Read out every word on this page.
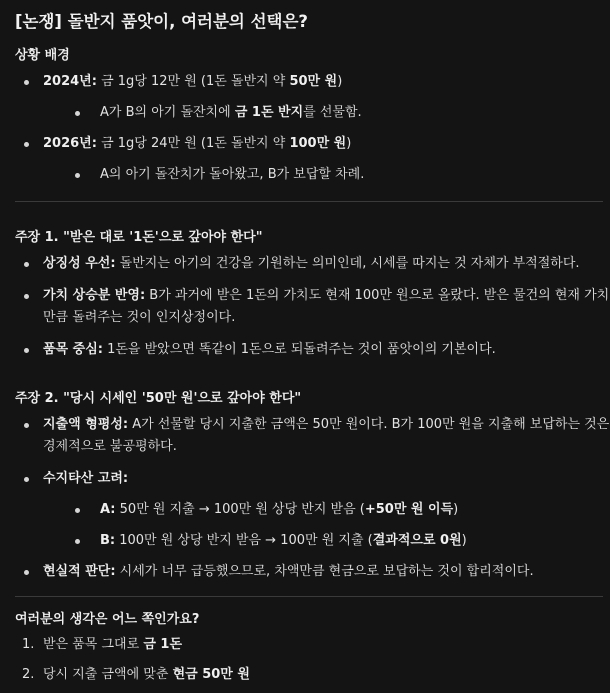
[논쟁] 돌반지 품앗이, 여러분의 선택은?
상황 배경
2024년: 금 1g당 12만 원 (1돈 돌반지 약 50만 원)
A가 B의 아기 돌잔치에 금 1돈 반지를 선물함.
2026년: 금 1g당 24만 원 (1돈 돌반지 약 100만 원)
A의 아기 돌잔치가 돌아왔고, B가 보답할 차례.
주장 1. "받은 대로 '1돈'으로 갚아야 한다"
상징성 우선: 돌반지는 아기의 건강을 기원하는 의미인데, 시세를 따지는 것 자체가 부적절하다.
가치 상승분 반영: B가 과거에 받은 1돈의 가치도 현재 100만 원으로 올랐다. 받은 물건의 현재 가치
만큼 돌려주는 것이 인지상정이다.
품목 중심: 1돈을 받았으면 똑같이 1돈으로 되돌려주는 것이 품앗이의 기본이다.
주장 2. "당시 시세인 '50만 원'으로 갚아야 한다"
지출액 형평성: A가 선물할 당시 지출한 금액은 50만 원이다. B가 100만 원을 지출해 보답하는 것은
경제적으로 불공평하다.
수지타산 고려:
A: 50만 원 지출 → 100만 원 상당 반지 받음 (+50만 원 이득)
B: 100만 원 상당 반지 받음 → 100만 원 지출 (결과적으로 0원)
현실적 판단: 시세가 너무 급등했으므로, 차액만큼 현금으로 보답하는 것이 합리적이다.
여러분의 생각은 어느 쪽인가요?
1. 받은 품목 그대로 금 1돈
2. 당시 지출 금액에 맞춘 현금 50만 원
